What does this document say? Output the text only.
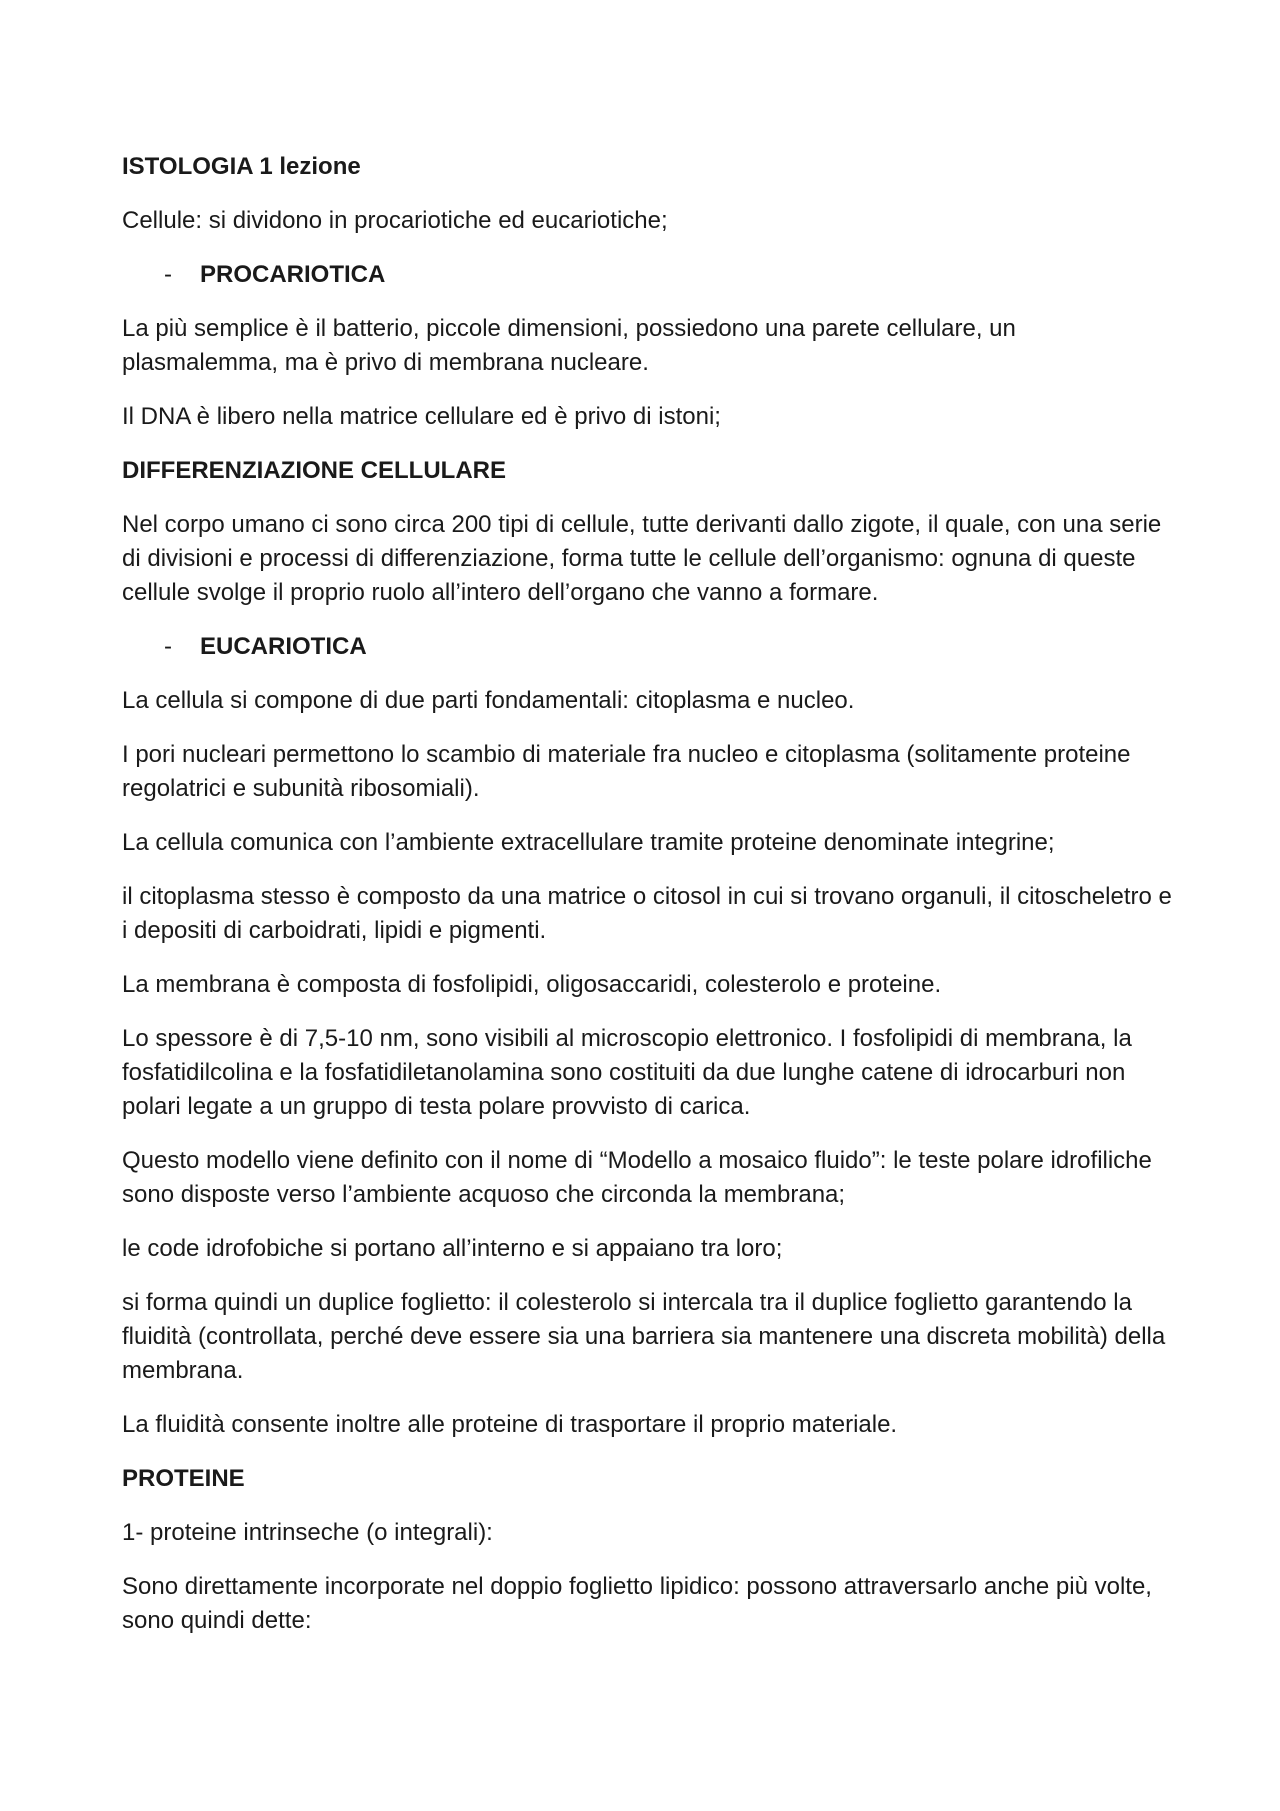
ISTOLOGIA 1 lezione

Cellule: si dividono in procariotiche ed eucariotiche;

-	PROCARIOTICA

La più semplice è il batterio, piccole dimensioni, possiedono una parete cellulare, un plasmalemma, ma è privo di membrana nucleare.

Il DNA è libero nella matrice cellulare ed è privo di istoni;

DIFFERENZIAZIONE CELLULARE

Nel corpo umano ci sono circa 200 tipi di cellule, tutte derivanti dallo zigote, il quale, con una serie di divisioni e processi di differenziazione, forma tutte le cellule dell’organismo: ognuna di queste cellule svolge il proprio ruolo all’intero dell’organo che vanno a formare.

-	EUCARIOTICA

La cellula si compone di due parti fondamentali: citoplasma e nucleo.

I pori nucleari permettono lo scambio di materiale fra nucleo e citoplasma (solitamente proteine regolatrici e subunità ribosomiali).

La cellula comunica con l’ambiente extracellulare tramite proteine denominate integrine;

il citoplasma stesso è composto da una matrice o citosol in cui si trovano organuli, il citoscheletro e i depositi di carboidrati, lipidi e pigmenti.

La membrana è composta di fosfolipidi, oligosaccaridi, colesterolo e proteine.

Lo spessore è di 7,5-10 nm, sono visibili al microscopio elettronico. I fosfolipidi di membrana, la fosfatidilcolina e la fosfatidiletanolamina sono costituiti da due lunghe catene di idrocarburi non polari legate a un gruppo di testa polare provvisto di carica.

Questo modello viene definito con il nome di “Modello a mosaico fluido”: le teste polare idrofiliche sono disposte verso l’ambiente acquoso che circonda la membrana;

le code idrofobiche si portano all’interno e si appaiano tra loro;

si forma quindi un duplice foglietto: il colesterolo si intercala tra il duplice foglietto garantendo la fluidità (controllata, perché deve essere sia una barriera sia mantenere una discreta mobilità) della membrana.

La fluidità consente inoltre alle proteine di trasportare il proprio materiale.

PROTEINE

1- proteine intrinseche (o integrali):

Sono direttamente incorporate nel doppio foglietto lipidico: possono attraversarlo anche più volte, sono quindi dette:
